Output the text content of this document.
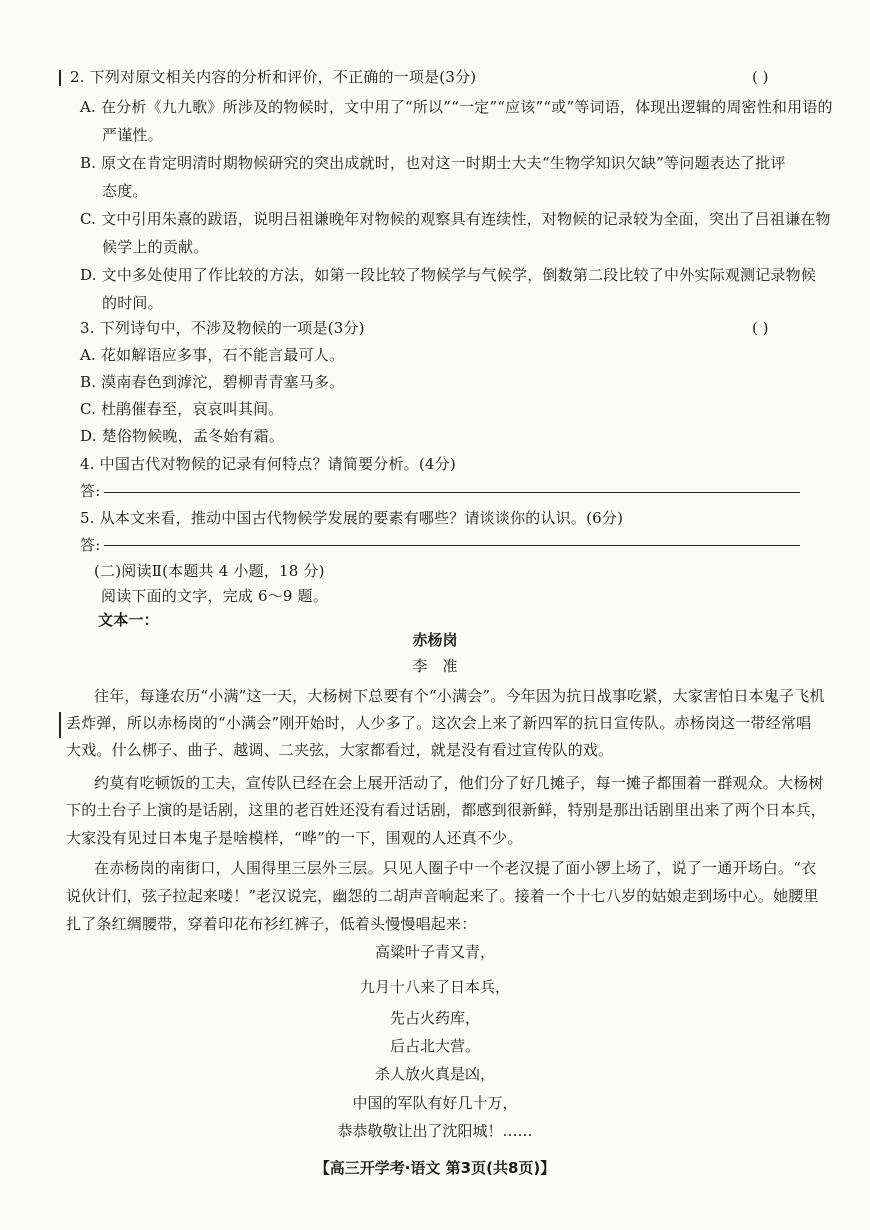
2. 下列对原文相关内容的分析和评价，不正确的一项是(3分)	( )
A. 在分析《九九歌》所涉及的物候时，文中用了“所以”“一定”“应该”“或”等词语，体现出逻辑的周密性和用语的
严谨性。
B. 原文在肯定明清时期物候研究的突出成就时，也对这一时期士大夫“生物学知识欠缺”等问题表达了批评
态度。
C. 文中引用朱熹的跋语，说明吕祖谦晚年对物候的观察具有连续性，对物候的记录较为全面，突出了吕祖谦在物
候学上的贡献。
D. 文中多处使用了作比较的方法，如第一段比较了物候学与气候学，倒数第二段比较了中外实际观测记录物候
的时间。
3. 下列诗句中，不涉及物候的一项是(3分)	( )
A. 花如解语应多事，石不能言最可人。
B. 漠南春色到滹沱，碧柳青青塞马多。
C. 杜鹃催春至，哀哀叫其间。
D. 楚俗物候晚，孟冬始有霜。
4. 中国古代对物候的记录有何特点？请简要分析。(4分)
答:
5. 从本文来看，推动中国古代物候学发展的要素有哪些？请谈谈你的认识。(6分)
答:
(二)阅读Ⅱ(本题共 4 小题，18 分)
阅读下面的文字，完成 6～9 题。
文本一：
赤杨岗
李　准
往年，每逢农历“小满”这一天，大杨树下总要有个“小满会”。今年因为抗日战事吃紧，大家害怕日本鬼子飞机
丢炸弹，所以赤杨岗的“小满会”刚开始时，人少多了。这次会上来了新四军的抗日宣传队。赤杨岗这一带经常唱
大戏。什么梆子、曲子、越调、二夹弦，大家都看过，就是没有看过宣传队的戏。
约莫有吃顿饭的工夫，宣传队已经在会上展开活动了，他们分了好几摊子，每一摊子都围着一群观众。大杨树
下的土台子上演的是话剧，这里的老百姓还没有看过话剧，都感到很新鲜，特别是那出话剧里出来了两个日本兵，
大家没有见过日本鬼子是啥模样，“哗”的一下，围观的人还真不少。
在赤杨岗的南街口，人围得里三层外三层。只见人圈子中一个老汉提了面小锣上场了，说了一通开场白。“衣
说伙计们，弦子拉起来喽！”老汉说完，幽怨的二胡声音响起来了。接着一个十七八岁的姑娘走到场中心。她腰里
扎了条红绸腰带，穿着印花布衫红裤子，低着头慢慢唱起来：
高粱叶子青又青，
九月十八来了日本兵，
先占火药库，
后占北大营。
杀人放火真是凶，
中国的军队有好几十万，
恭恭敬敬让出了沈阳城！……
【高三开学考·语文 第3页(共8页)】
